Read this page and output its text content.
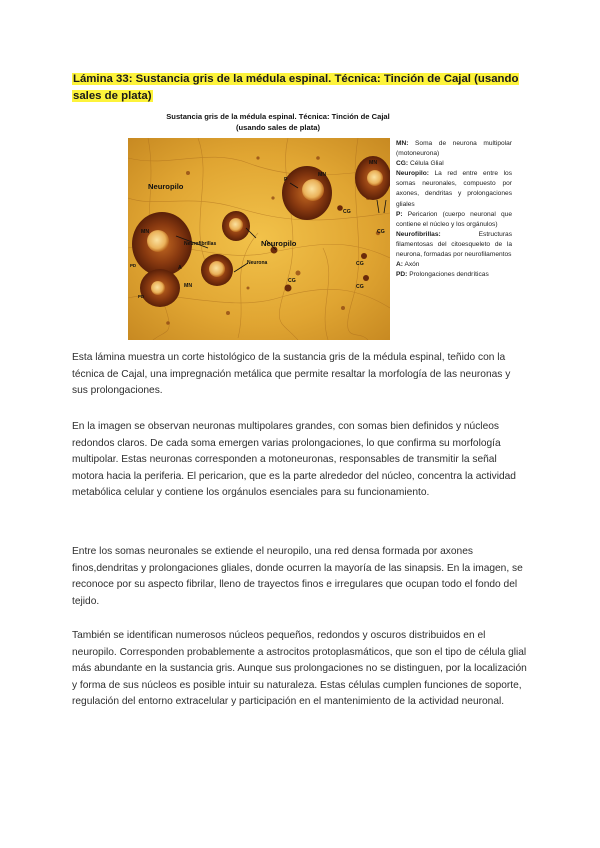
Lámina 33: Sustancia gris de la médula espinal. Técnica: Tinción de Cajal (usando sales de plata)
Sustancia gris de la médula espinal. Técnica: Tinción de Cajal
(usando sales de plata)
Neuropilo
Neuropilo
MN
MN
MN
MN
P
Neurofibrillas
Neurona
A
CG
CG
CG
CG
CG
PD
PD

MN: Soma de neurona multipolar (motoneurona)

CG: Célula Glial

Neuropilo: La red entre entre los somas neuronales, compuesto por axones, dendritas y prolongaciones gliales

P: Pericarion (cuerpo neuronal que contiene el núcleo y los orgánulos)

Neurofibrillas:	Estructuras filamentosas del citoesqueleto de la neurona, formadas por neurofilamentos

A: Axón

PD: Prolongaciones dendríticas

Esta lámina muestra un corte histológico de la sustancia gris de la médula espinal, teñido con la técnica de Cajal, una impregnación metálica que permite resaltar la morfología de las neuronas y sus prolongaciones.

En la imagen se observan neuronas multipolares grandes, con somas bien definidos y núcleos redondos claros. De cada soma emergen varias prolongaciones, lo que confirma su morfología multipolar. Estas neuronas corresponden a motoneuronas, responsables de transmitir la señal motora hacia la periferia. El pericarion, que es la parte alrededor del núcleo, concentra la actividad metabólica celular y contiene los orgánulos esenciales para su funcionamiento.

Entre los somas neuronales se extiende el neuropilo, una red densa formada por axones finos,dendritas y prolongaciones gliales, donde ocurren la mayoría de las sinapsis. En la imagen, se reconoce por su aspecto fibrilar, lleno de trayectos finos e irregulares que ocupan todo el fondo del tejido.

También se identifican numerosos núcleos pequeños, redondos y oscuros distribuidos en el neuropilo. Corresponden probablemente a astrocitos protoplasmáticos, que son el tipo de célula glial más abundante en la sustancia gris. Aunque sus prolongaciones no se distinguen, por la localización y forma de sus núcleos es posible intuir su naturaleza. Estas células cumplen funciones de soporte, regulación del entorno extracelular y participación en el mantenimiento de la actividad neuronal.
